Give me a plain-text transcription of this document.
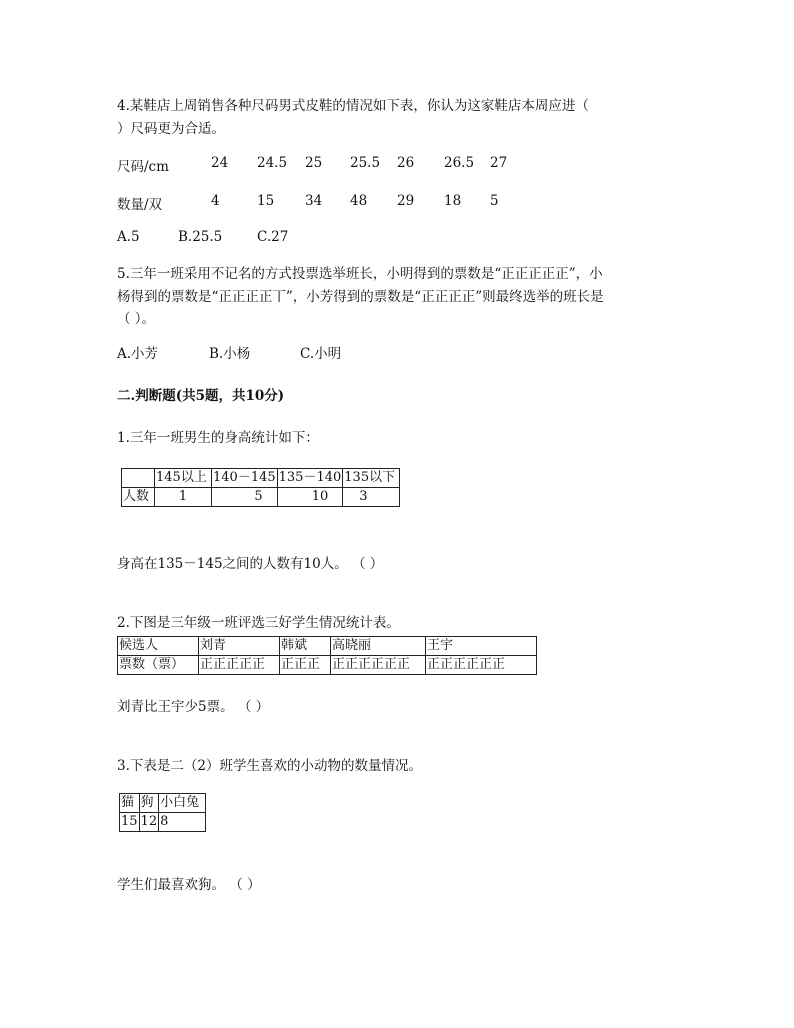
4.某鞋店上周销售各种尺码男式皮鞋的情况如下表，你认为这家鞋店本周应进（
）尺码更为合适。
尺码/cm	24 24.5 25 25.5 26 26.5 27
数量/双	4	15 34 48 29 18 5
A.5	B.25.5	C.27
5.三年一班采用不记名的方式投票选举班长，小明得到的票数是“正正正正正”，小
杨得到的票数是“正正正正丅”，小芳得到的票数是“正正正正”则最终选举的班长是
（ ）。
A.小芳	B.小杨	C.小明
二.判断题(共5题，共10分)
1.三年一班男生的身高统计如下：
	145以上	140－145	135－140	135以下
人数	1	5	10	3
身高在135－145之间的人数有10人。 （ ）
2.下图是三年级一班评选三好学生情况统计表。
候选人	刘青	韩斌	高晓丽	王宇
票数（票）	正正正正正	正正正	正正正正正正	正正正正正正
刘青比王宇少5票。 （ ）
3.下表是二（2）班学生喜欢的小动物的数量情况。
猫	狗	小白兔
15	12	8
学生们最喜欢狗。 （ ）
